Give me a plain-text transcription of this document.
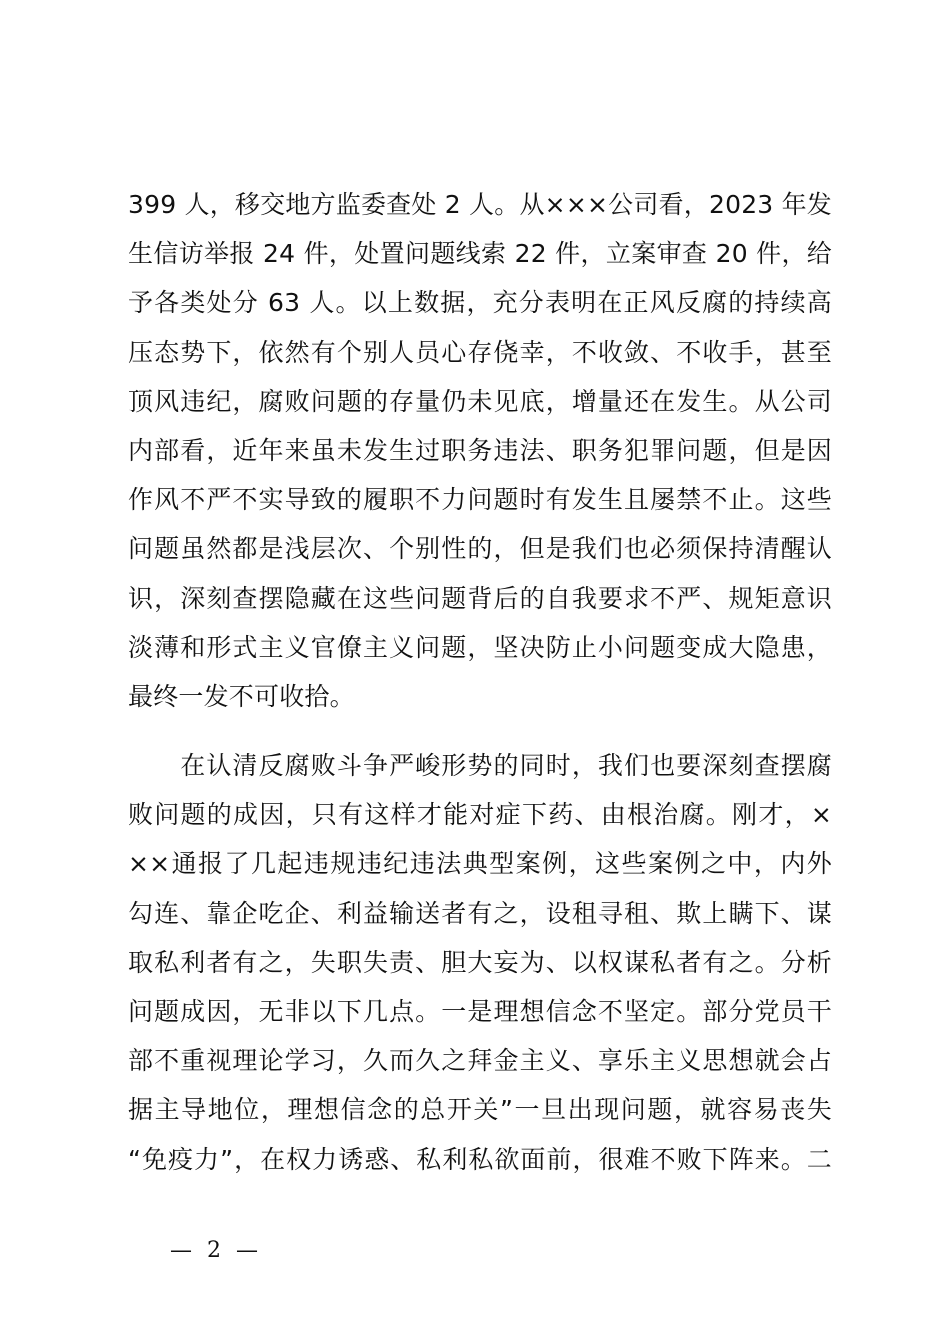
399 人，移交地方监委查处 2 人。从×××公司看，2023 年发
生信访举报 24 件，处置问题线索 22 件，立案审查 20 件，给
予各类处分 63 人。以上数据，充分表明在正风反腐的持续高
压态势下，依然有个别人员心存侥幸，不收敛、不收手，甚至
顶风违纪，腐败问题的存量仍未见底，增量还在发生。从公司
内部看，近年来虽未发生过职务违法、职务犯罪问题，但是因
作风不严不实导致的履职不力问题时有发生且屡禁不止。这些
问题虽然都是浅层次、个别性的，但是我们也必须保持清醒认
识，深刻查摆隐藏在这些问题背后的自我要求不严、规矩意识
淡薄和形式主义官僚主义问题，坚决防止小问题变成大隐患，
最终一发不可收拾。
　　在认清反腐败斗争严峻形势的同时，我们也要深刻查摆腐
败问题的成因，只有这样才能对症下药、由根治腐。刚才，×
××通报了几起违规违纪违法典型案例，这些案例之中，内外
勾连、靠企吃企、利益输送者有之，设租寻租、欺上瞒下、谋
取私利者有之，失职失责、胆大妄为、以权谋私者有之。分析
问题成因，无非以下几点。一是理想信念不坚定。部分党员干
部不重视理论学习，久而久之拜金主义、享乐主义思想就会占
据主导地位，理想信念的总开关”一旦出现问题，就容易丧失
“免疫力”，在权力诱惑、私利私欲面前，很难不败下阵来。二
— 2 —
